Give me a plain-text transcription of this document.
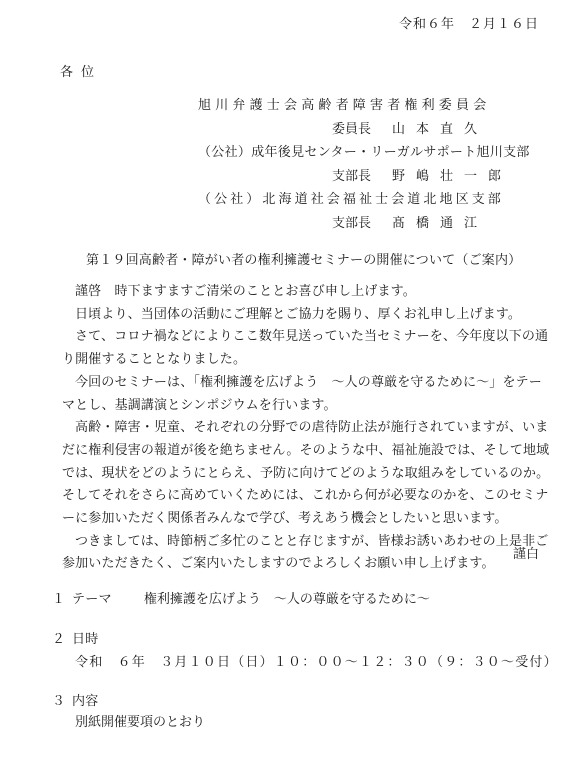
令和６年　２月１６日
各位
旭川弁護士会高齢者障害者権利委員会
委員長 山本直久
（公社）成年後見センター・リーガルサポート旭川支部
支部長 野嶋壮一郎
（公社）北海道社会福祉士会道北地区支部
支部長 髙橋通江
第１９回高齢者・障がい者の権利擁護セミナーの開催について（ご案内）

謹啓　時下ますますご清栄のこととお喜び申し上げます。

日頃より、当団体の活動にご理解とご協力を賜り、厚くお礼申し上げます。

さて、コロナ禍などによりここ数年見送っていた当セミナーを、今年度以下の通り開催することとなりました。

今回のセミナーは、「権利擁護を広げよう　～人の尊厳を守るために～」をテーマとし、基調講演とシンポジウムを行います。

高齢・障害・児童、それぞれの分野での虐待防止法が施行されていますが、いまだに権利侵害の報道が後を絶ちません。そのような中、福祉施設では、そして地域では、現状をどのようにとらえ、予防に向けてどのような取組みをしているのか。そしてそれをさらに高めていくためには、これから何が必要なのかを、このセミナーに参加いただく関係者みんなで学び、考えあう機会としたいと思います。

つきましては、時節柄ご多忙のことと存じますが、皆様お誘いあわせの上是非ご参加いただきたく、ご案内いたしますのでよろしくお願い申し上げます。

謹白
１ テーマ 権利擁護を広げよう　～人の尊厳を守るために～
２ 日時
令和　６年　３月１０日（日）１０：００～１２：３０（９：３０～受付）
３ 内容
別紙開催要項のとおり
